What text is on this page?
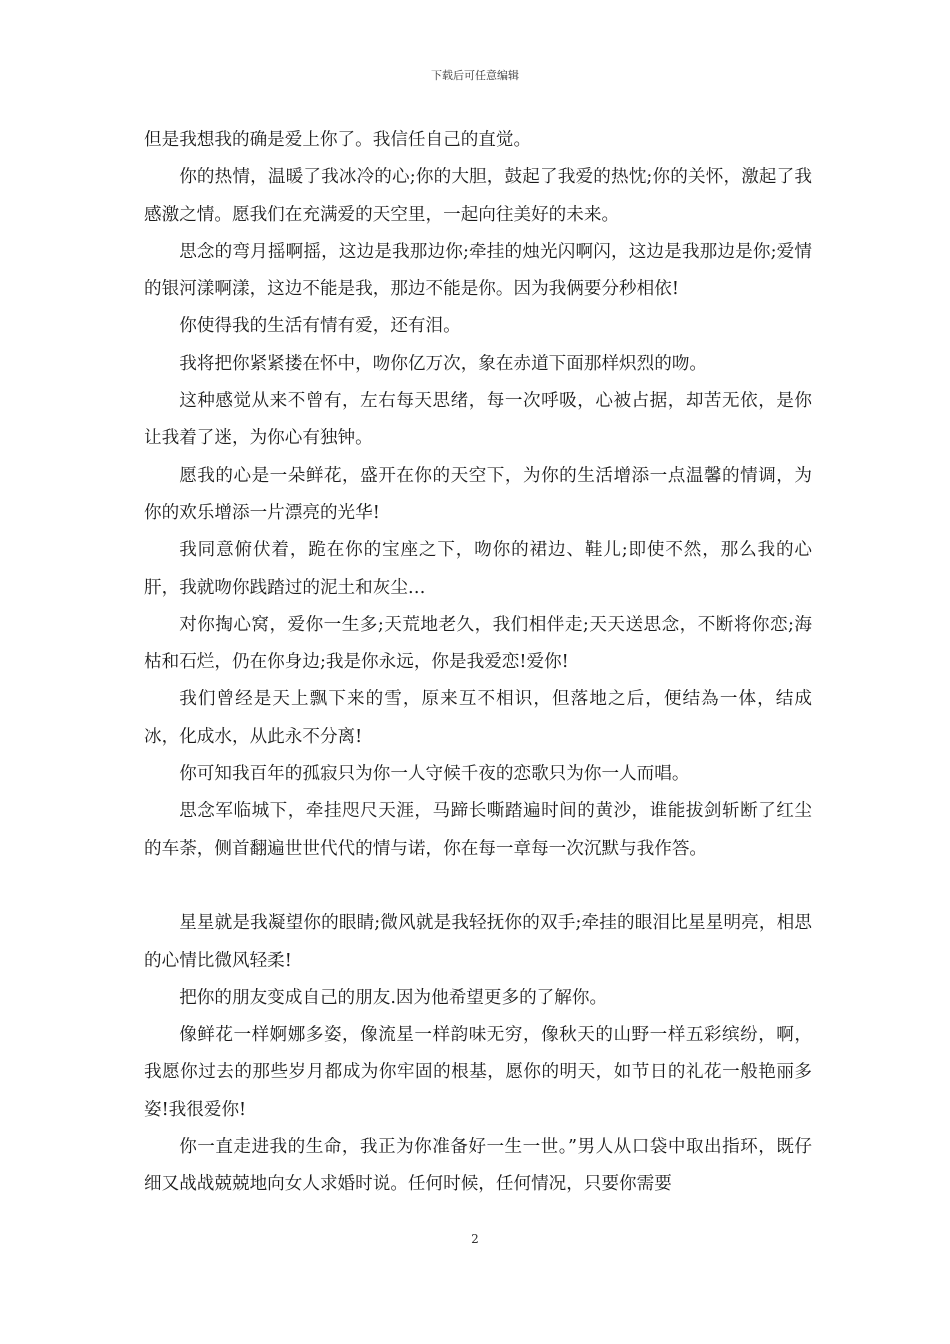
下载后可任意编辑

但是我想我的确是爱上你了。我信任自己的直觉。

你的热情，温暖了我冰冷的心;你的大胆，鼓起了我爱的热忱;你的关怀，激起了我感激之情。愿我们在充满爱的天空里，一起向往美好的未来。

思念的弯月摇啊摇，这边是我那边你;牵挂的烛光闪啊闪，这边是我那边是你;爱情的银河漾啊漾，这边不能是我，那边不能是你。因为我俩要分秒相依!

你使得我的生活有情有爱，还有泪。

我将把你紧紧搂在怀中，吻你亿万次，象在赤道下面那样炽烈的吻。

这种感觉从来不曾有，左右每天思绪，每一次呼吸，心被占据，却苦无依，是你让我着了迷，为你心有独钟。

愿我的心是一朵鲜花，盛开在你的天空下，为你的生活增添一点温馨的情调，为你的欢乐增添一片漂亮的光华!

我同意俯伏着，跪在你的宝座之下，吻你的裙边、鞋儿;即使不然，那么我的心肝，我就吻你践踏过的泥土和灰尘…

对你掏心窝，爱你一生多;天荒地老久，我们相伴走;天天送思念，不断将你恋;海枯和石烂，仍在你身边;我是你永远，你是我爱恋!爱你!

我们曾经是天上飘下来的雪，原来互不相识，但落地之后，便结為一体，结成冰，化成水，从此永不分离!

你可知我百年的孤寂只为你一人守候千夜的恋歌只为你一人而唱。

思念军临城下，牵挂咫尺天涯，马蹄长嘶踏遍时间的黄沙，谁能拔剑斩断了红尘的车荼，侧首翻遍世世代代的情与诺，你在每一章每一次沉默与我作答。

星星就是我凝望你的眼睛;微风就是我轻抚你的双手;牵挂的眼泪比星星明亮，相思的心情比微风轻柔!

把你的朋友变成自己的朋友.因为他希望更多的了解你。

像鲜花一样婀娜多姿，像流星一样韵味无穷，像秋天的山野一样五彩缤纷，啊，我愿你过去的那些岁月都成为你牢固的根基，愿你的明天，如节日的礼花一般艳丽多姿!我很爱你!

你一直走进我的生命，我正为你准备好一生一世。”男人从口袋中取出指环，既仔细又战战兢兢地向女人求婚时说。任何时候，任何情况，只要你需要

2
